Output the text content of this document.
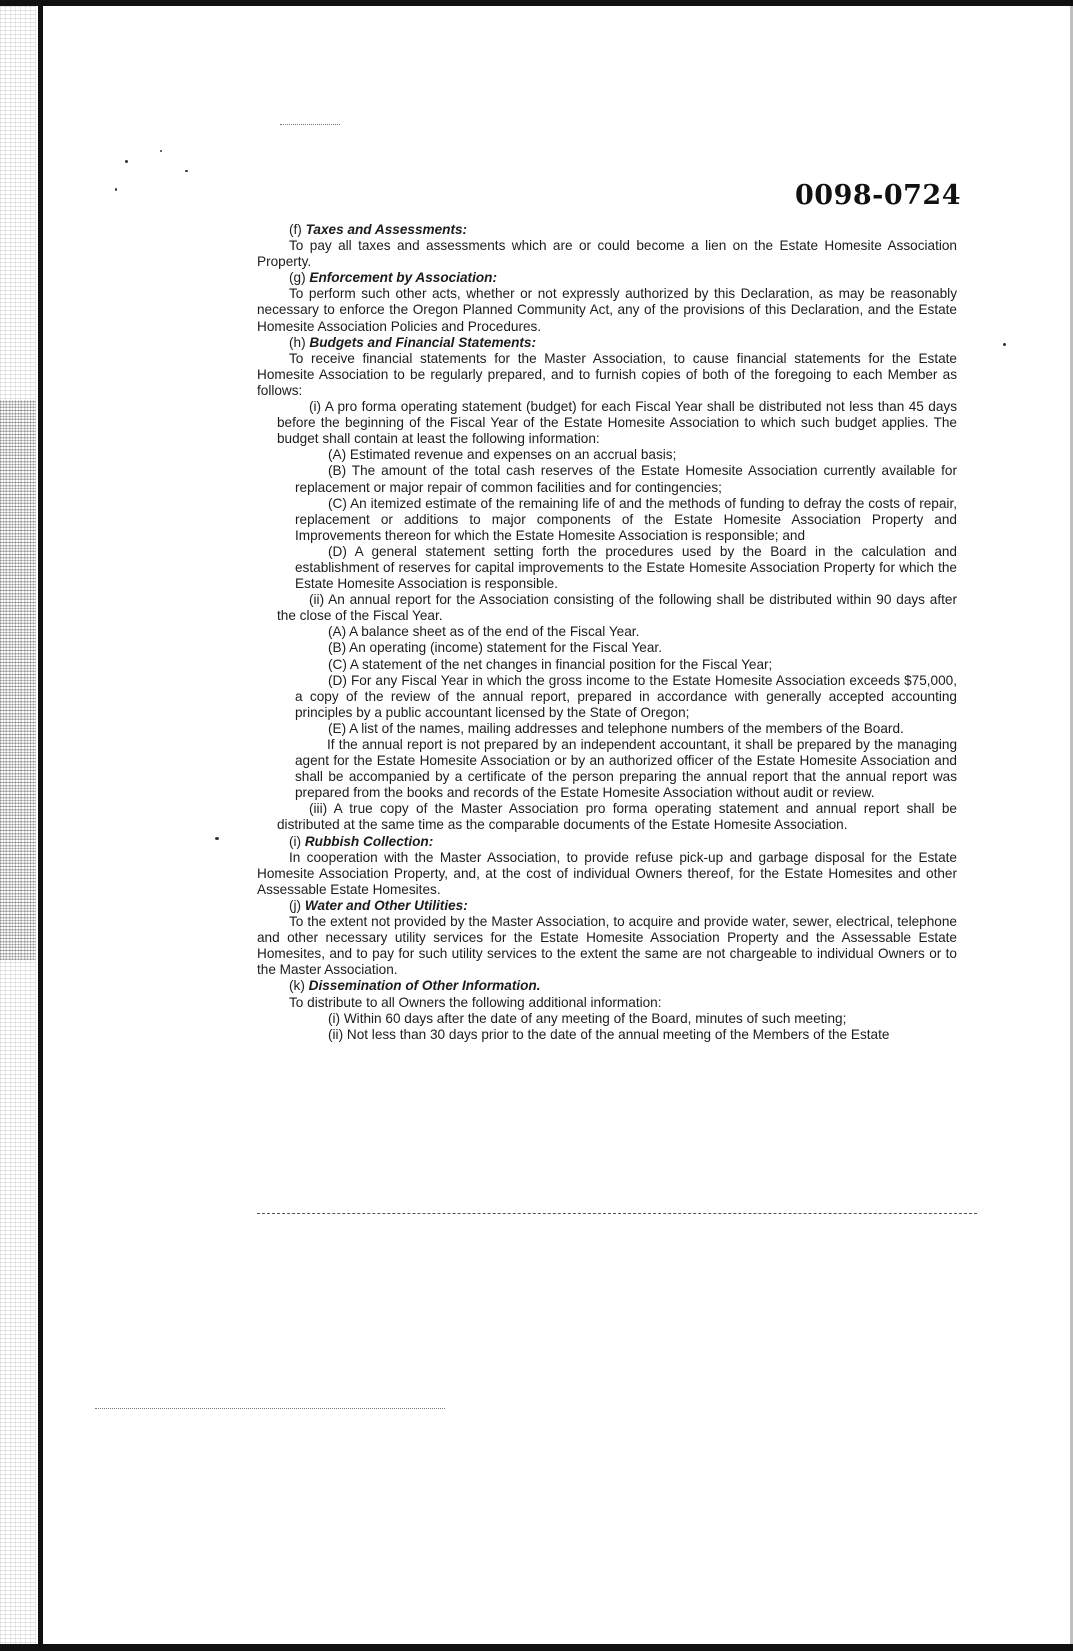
0098-0724

(f) Taxes and Assessments:

To pay all taxes and assessments which are or could become a lien on the Estate Homesite Association Property.

(g) Enforcement by Association:

To perform such other acts, whether or not expressly authorized by this Declaration, as may be reasonably necessary to enforce the Oregon Planned Community Act, any of the provisions of this Declaration, and the Estate Homesite Association Policies and Procedures.

(h) Budgets and Financial Statements:

To receive financial statements for the Master Association, to cause financial statements for the Estate Homesite Association to be regularly prepared, and to furnish copies of both of the foregoing to each Member as follows:

(i) A pro forma operating statement (budget) for each Fiscal Year shall be distributed not less than 45 days before the beginning of the Fiscal Year of the Estate Homesite Association to which such budget applies. The budget shall contain at least the following information:

(A) Estimated revenue and expenses on an accrual basis;

(B) The amount of the total cash reserves of the Estate Homesite Association currently available for replacement or major repair of common facilities and for contingencies;

(C) An itemized estimate of the remaining life of and the methods of funding to defray the costs of repair, replacement or additions to major components of the Estate Homesite Association Property and Improvements thereon for which the Estate Homesite Association is responsible; and

(D) A general statement setting forth the procedures used by the Board in the calculation and establishment of reserves for capital improvements to the Estate Homesite Association Property for which the Estate Homesite Association is responsible.

(ii) An annual report for the Association consisting of the following shall be distributed within 90 days after the close of the Fiscal Year.

(A) A balance sheet as of the end of the Fiscal Year.

(B) An operating (income) statement for the Fiscal Year.

(C) A statement of the net changes in financial position for the Fiscal Year;

(D) For any Fiscal Year in which the gross income to the Estate Homesite Association exceeds $75,000, a copy of the review of the annual report, prepared in accordance with generally accepted accounting principles by a public accountant licensed by the State of Oregon;

(E) A list of the names, mailing addresses and telephone numbers of the members of the Board.

If the annual report is not prepared by an independent accountant, it shall be prepared by the managing agent for the Estate Homesite Association or by an authorized officer of the Estate Homesite Association and shall be accompanied by a certificate of the person preparing the annual report that the annual report was prepared from the books and records of the Estate Homesite Association without audit or review.

(iii) A true copy of the Master Association pro forma operating statement and annual report shall be distributed at the same time as the comparable documents of the Estate Homesite Association.

(i) Rubbish Collection:

In cooperation with the Master Association, to provide refuse pick-up and garbage disposal for the Estate Homesite Association Property, and, at the cost of individual Owners thereof, for the Estate Homesites and other Assessable Estate Homesites.

(j) Water and Other Utilities:

To the extent not provided by the Master Association, to acquire and provide water, sewer, electrical, telephone and other necessary utility services for the Estate Homesite Association Property and the Assessable Estate Homesites, and to pay for such utility services to the extent the same are not chargeable to individual Owners or to the Master Association.

(k) Dissemination of Other Information.

To distribute to all Owners the following additional information:

(i) Within 60 days after the date of any meeting of the Board, minutes of such meeting;

(ii) Not less than 30 days prior to the date of the annual meeting of the Members of the Estate
